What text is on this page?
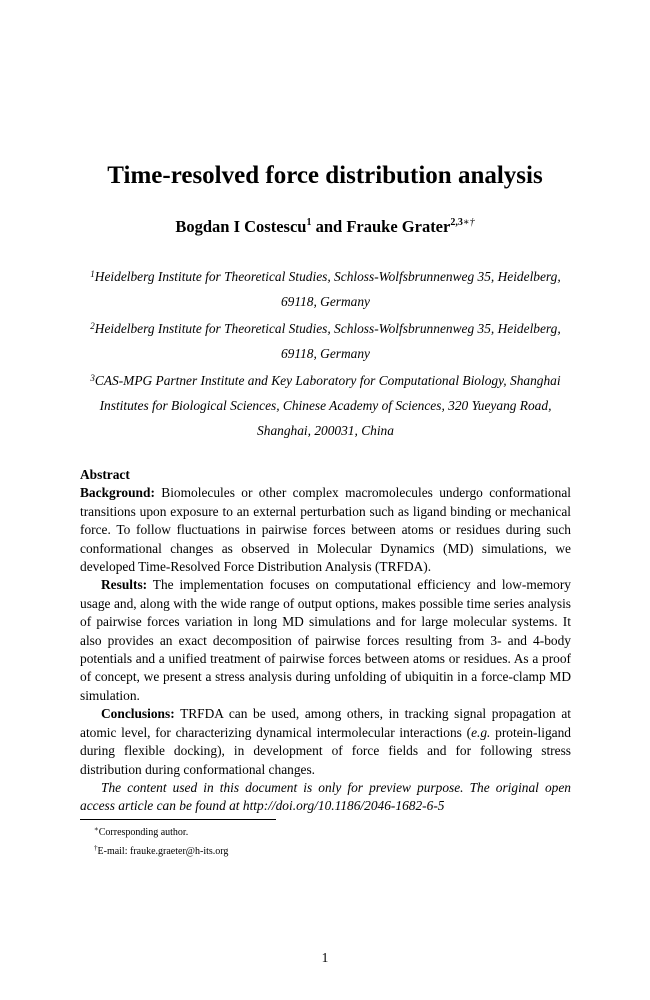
Time-resolved force distribution analysis
Bogdan I Costescu$^1$ and Frauke Grater$^{2,3∗\dagger}$
$^1$Heidelberg Institute for Theoretical Studies, Schloss-Wolfsbrunnenweg 35, Heidelberg,
69118, Germany
$^2$Heidelberg Institute for Theoretical Studies, Schloss-Wolfsbrunnenweg 35, Heidelberg,
69118, Germany
$^3$CAS-MPG Partner Institute and Key Laboratory for Computational Biology, Shanghai
Institutes for Biological Sciences, Chinese Academy of Sciences, 320 Yueyang Road,
Shanghai, 200031, China

Abstract

Background: Biomolecules or other complex macromolecules undergo conformational transitions upon exposure to an external perturbation such as ligand binding or mechanical force. To follow fluctuations in pairwise forces between atoms or residues during such conformational changes as observed in Molecular Dynamics (MD) simulations, we developed Time-Resolved Force Distribution Analysis (TRFDA).

Results: The implementation focuses on computational efficiency and low-memory usage and, along with the wide range of output options, makes possible time series analysis of pairwise forces variation in long MD simulations and for large molecular systems. It also provides an exact decomposition of pairwise forces resulting from 3- and 4-body potentials and a unified treatment of pairwise forces between atoms or residues. As a proof of concept, we present a stress analysis during unfolding of ubiquitin in a force-clamp MD simulation.

Conclusions: TRFDA can be used, among others, in tracking signal propagation at atomic level, for characterizing dynamical intermolecular interactions (e.g. protein-ligand during flexible docking), in development of force fields and for following stress distribution during conformational changes.

The content used in this document is only for preview purpose. The original open access article can be found at http://doi.org/10.1186/2046-1682-6-5

∗Corresponding author.
†E-mail: frauke.graeter@h-its.org
1
